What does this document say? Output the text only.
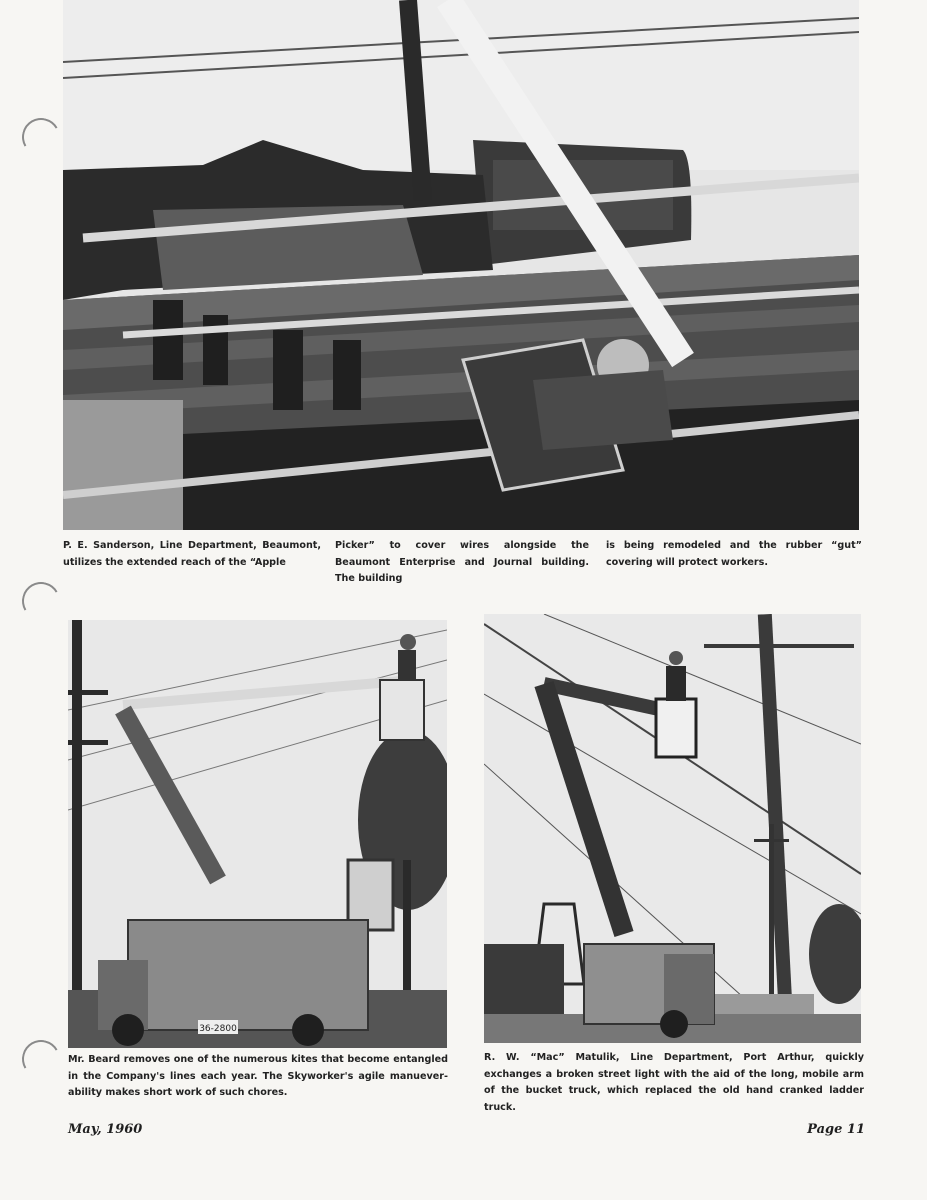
P. E. Sanderson, Line Department, Beaumont, utilizes the extended reach of the “Apple
Picker” to cover wires alongside the Beaumont Enterprise and Journal building. The building
is being remodeled and the rubber “gut” covering will protect workers.
36-2800
Mr. Beard removes one of the numerous kites that become entangled in the Company's lines each year. The Skyworker's agile manuever-ability makes short work of such chores.
R. W. “Mac” Matulik, Line Department, Port Arthur, quickly exchanges a broken street light with the aid of the long, mobile arm of the bucket truck, which replaced the old hand cranked ladder truck.
May, 1960	Page 11
